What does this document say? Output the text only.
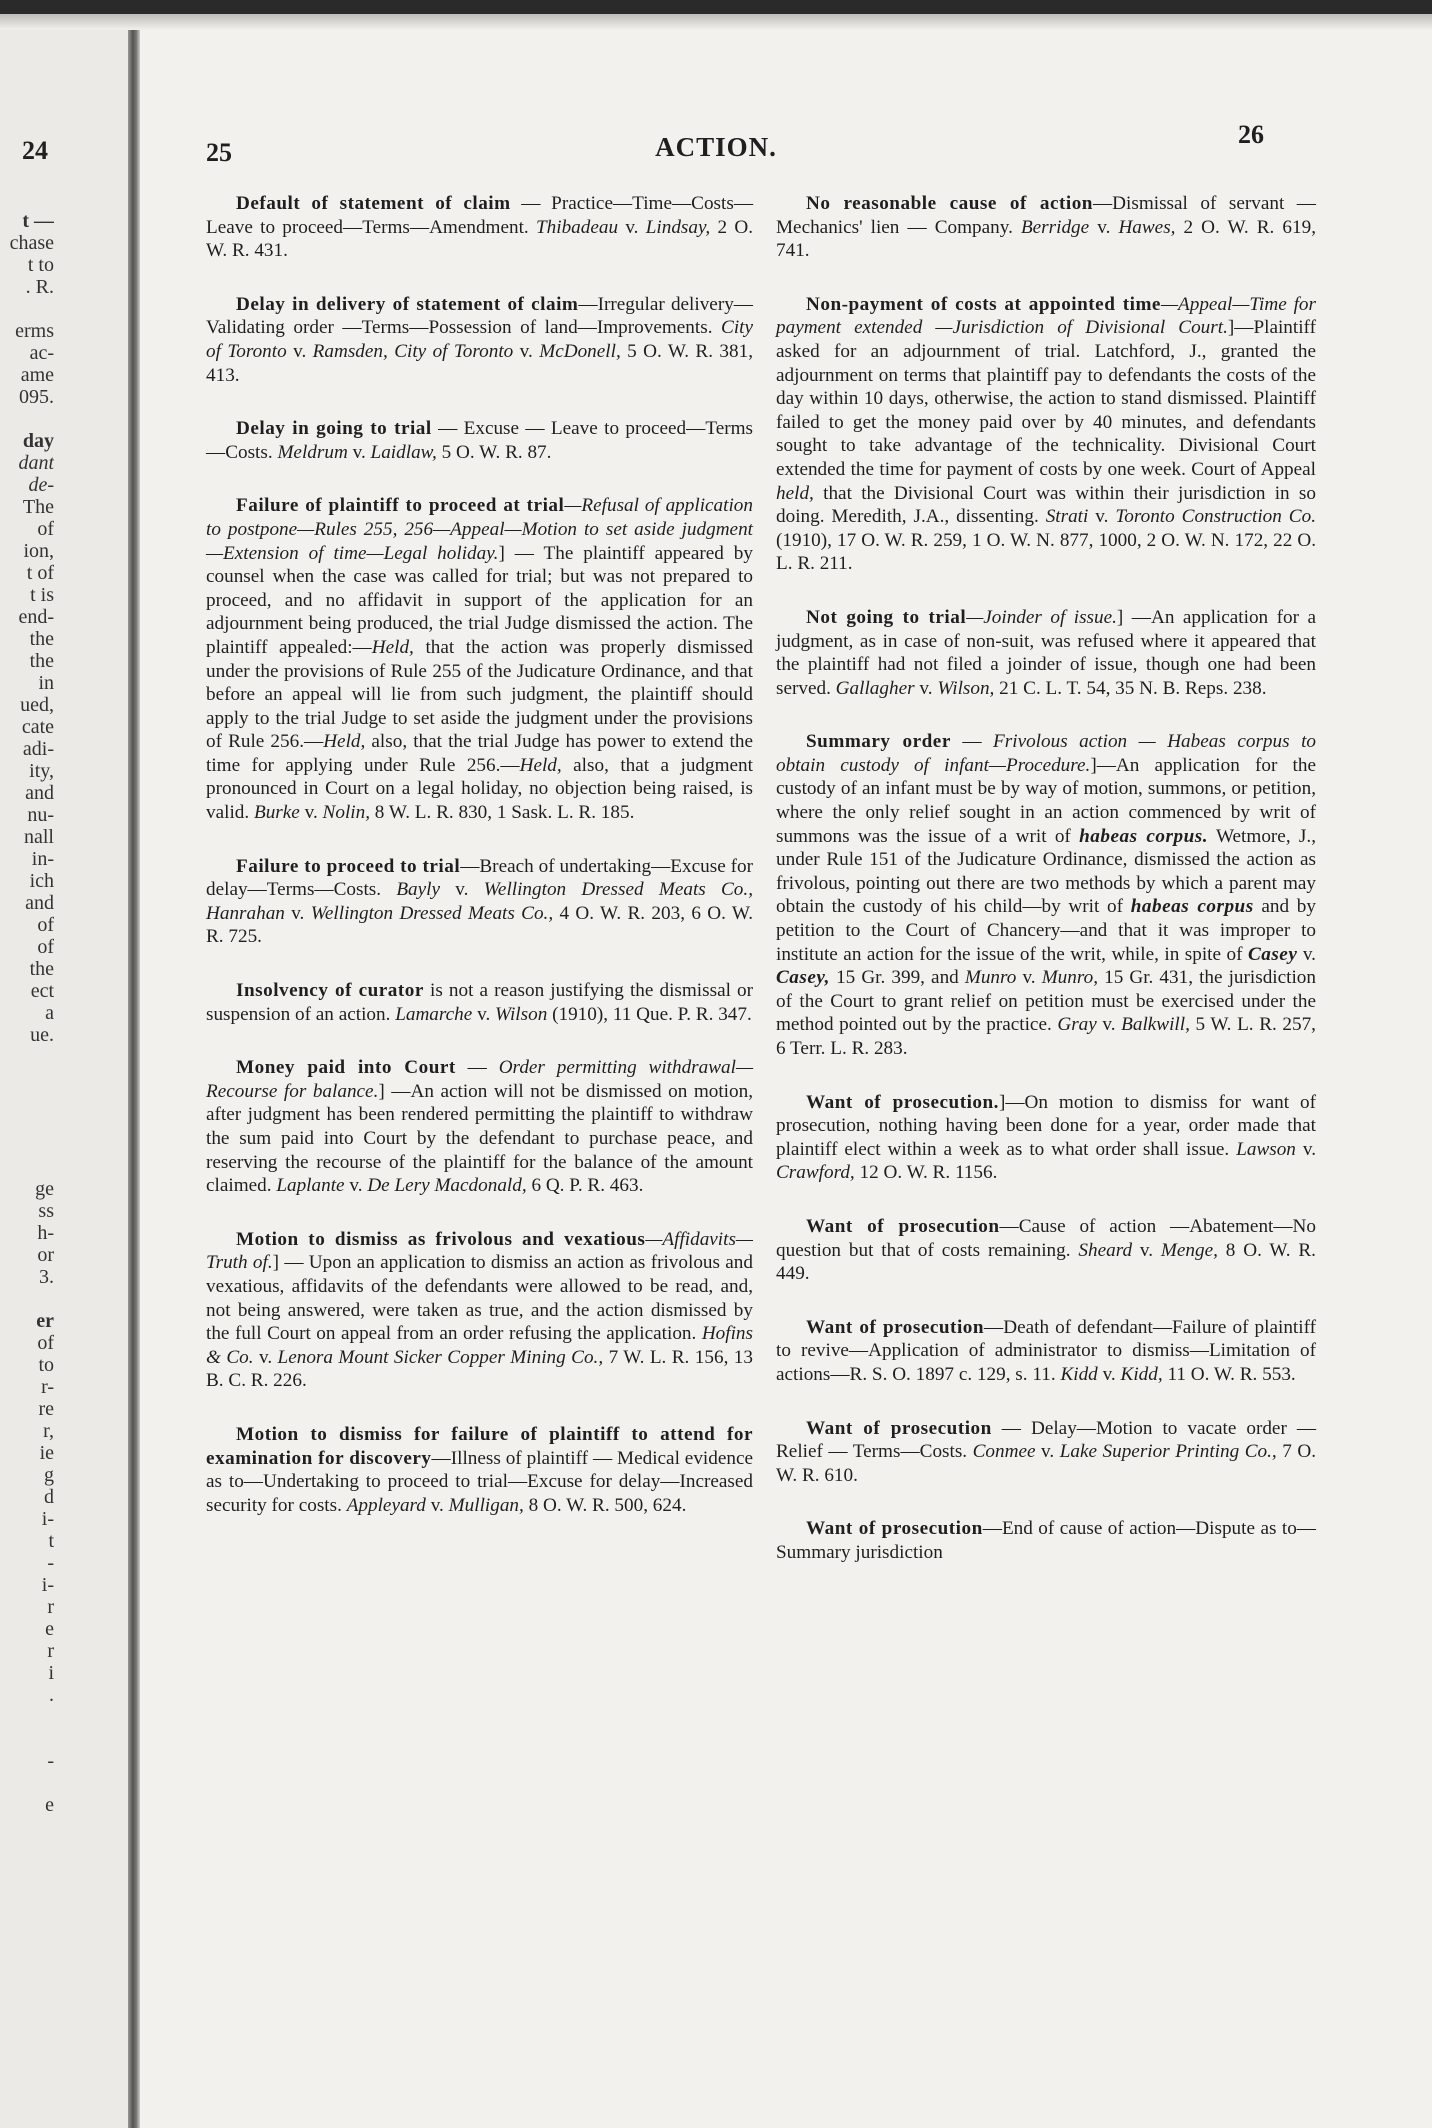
24
t —
chase
t to
. R.
erms
ac-
ame
095.
day
dant
de-
The
of
ion,
t of
t is
end-
the
the
in
ued,
cate
adi-
ity,
and
nu-
nall
in-
ich
and
of
of
the
ect
a
ue.
ge
ss
h-
or
3.
er
of
to
r-
re
r,
ie
g
d
i-
t
-
i-
r
e
r
i
.
-
e
25	ACTION.	26

Default of statement of claim — Practice—Time—Costs—Leave to proceed—Terms—Amendment. Thibadeau v. Lindsay, 2 O. W. R. 431.

Delay in delivery of statement of claim—Irregular delivery—Validating order —Terms—Possession of land—Improvements. City of Toronto v. Ramsden, City of Toronto v. McDonell, 5 O. W. R. 381, 413.

Delay in going to trial — Excuse — Leave to proceed—Terms—Costs. Meldrum v. Laidlaw, 5 O. W. R. 87.

Failure of plaintiff to proceed at trial—Refusal of application to postpone—Rules 255, 256—Appeal—Motion to set aside judgment—Extension of time—Legal holiday.] — The plaintiff appeared by counsel when the case was called for trial; but was not prepared to proceed, and no affidavit in support of the application for an adjournment being produced, the trial Judge dismissed the action. The plaintiff appealed:—Held, that the action was properly dismissed under the provisions of Rule 255 of the Judicature Ordinance, and that before an appeal will lie from such judgment, the plaintiff should apply to the trial Judge to set aside the judgment under the provisions of Rule 256.—Held, also, that the trial Judge has power to extend the time for applying under Rule 256.—Held, also, that a judgment pronounced in Court on a legal holiday, no objection being raised, is valid. Burke v. Nolin, 8 W. L. R. 830, 1 Sask. L. R. 185.

Failure to proceed to trial—Breach of undertaking—Excuse for delay—Terms—Costs. Bayly v. Wellington Dressed Meats Co., Hanrahan v. Wellington Dressed Meats Co., 4 O. W. R. 203, 6 O. W. R. 725.

Insolvency of curator is not a reason justifying the dismissal or suspension of an action. Lamarche v. Wilson (1910), 11 Que. P. R. 347.

Money paid into Court — Order permitting withdrawal—Recourse for balance.] —An action will not be dismissed on motion, after judgment has been rendered permitting the plaintiff to withdraw the sum paid into Court by the defendant to purchase peace, and reserving the recourse of the plaintiff for the balance of the amount claimed. Laplante v. De Lery Macdonald, 6 Q. P. R. 463.

Motion to dismiss as frivolous and vexatious—Affidavits—Truth of.] — Upon an application to dismiss an action as frivolous and vexatious, affidavits of the defendants were allowed to be read, and, not being answered, were taken as true, and the action dismissed by the full Court on appeal from an order refusing the application. Hofins & Co. v. Lenora Mount Sicker Copper Mining Co., 7 W. L. R. 156, 13 B. C. R. 226.

Motion to dismiss for failure of plaintiff to attend for examination for discovery—Illness of plaintiff — Medical evidence as to—Undertaking to proceed to trial—Excuse for delay—Increased security for costs. Appleyard v. Mulligan, 8 O. W. R. 500, 624.

No reasonable cause of action—Dismissal of servant — Mechanics' lien — Company. Berridge v. Hawes, 2 O. W. R. 619, 741.

Non-payment of costs at appointed time—Appeal—Time for payment extended —Jurisdiction of Divisional Court.]—Plaintiff asked for an adjournment of trial. Latchford, J., granted the adjournment on terms that plaintiff pay to defendants the costs of the day within 10 days, otherwise, the action to stand dismissed. Plaintiff failed to get the money paid over by 40 minutes, and defendants sought to take advantage of the technicality. Divisional Court extended the time for payment of costs by one week. Court of Appeal held, that the Divisional Court was within their jurisdiction in so doing. Meredith, J.A., dissenting. Strati v. Toronto Construction Co. (1910), 17 O. W. R. 259, 1 O. W. N. 877, 1000, 2 O. W. N. 172, 22 O. L. R. 211.

Not going to trial—Joinder of issue.] —An application for a judgment, as in case of non-suit, was refused where it appeared that the plaintiff had not filed a joinder of issue, though one had been served. Gallagher v. Wilson, 21 C. L. T. 54, 35 N. B. Reps. 238.

Summary order — Frivolous action — Habeas corpus to obtain custody of infant—Procedure.]—An application for the custody of an infant must be by way of motion, summons, or petition, where the only relief sought in an action commenced by writ of summons was the issue of a writ of habeas corpus. Wetmore, J., under Rule 151 of the Judicature Ordinance, dismissed the action as frivolous, pointing out there are two methods by which a parent may obtain the custody of his child—by writ of habeas corpus and by petition to the Court of Chancery—and that it was improper to institute an action for the issue of the writ, while, in spite of Casey v. Casey, 15 Gr. 399, and Munro v. Munro, 15 Gr. 431, the jurisdiction of the Court to grant relief on petition must be exercised under the method pointed out by the practice. Gray v. Balkwill, 5 W. L. R. 257, 6 Terr. L. R. 283.

Want of prosecution.]—On motion to dismiss for want of prosecution, nothing having been done for a year, order made that plaintiff elect within a week as to what order shall issue. Lawson v. Crawford, 12 O. W. R. 1156.

Want of prosecution—Cause of action —Abatement—No question but that of costs remaining. Sheard v. Menge, 8 O. W. R. 449.

Want of prosecution—Death of defendant—Failure of plaintiff to revive—Application of administrator to dismiss—Limitation of actions—R. S. O. 1897 c. 129, s. 11. Kidd v. Kidd, 11 O. W. R. 553.

Want of prosecution — Delay—Motion to vacate order — Relief — Terms—Costs. Conmee v. Lake Superior Printing Co., 7 O. W. R. 610.

Want of prosecution—End of cause of action—Dispute as to—Summary jurisdiction
